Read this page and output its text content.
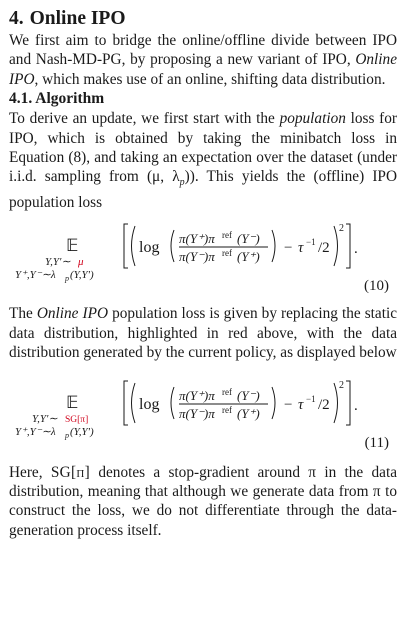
4. Online IPO

We first aim to bridge the online/offline divide between IPO and Nash-MD-PG, by proposing a new variant of IPO, Online IPO, which makes use of an online, shifting data distribution.

4.1. Algorithm

To derive an update, we first start with the population loss for IPO, which is obtained by taking the minibatch loss in Equation (8), and taking an expectation over the dataset (under i.i.d. sampling from (μ, $\lambda_p$)). This yields the (offline) IPO population loss

𝔼
Y,Y′∼ μ
Y⁺,Y⁻∼λ p (Y,Y′)
log
π(Y⁺)π ref (Y⁻)
π(Y⁻)π ref (Y⁺)
− τ −1 /2
2
.
(10)

The Online IPO population loss is given by replacing the static data distribution, highlighted in red above, with the data distribution generated by the current policy, as displayed below

𝔼
Y,Y′∼ SG[π]
Y⁺,Y⁻∼λ p (Y,Y′)
log
π(Y⁺)π ref (Y⁻)
π(Y⁻)π ref (Y⁺)
− τ −1 /2
2
.
(11)

Here, SG[π] denotes a stop-gradient around π in the data distribution, meaning that although we generate data from π to construct the loss, we do not differentiate through the data-generation process itself.
